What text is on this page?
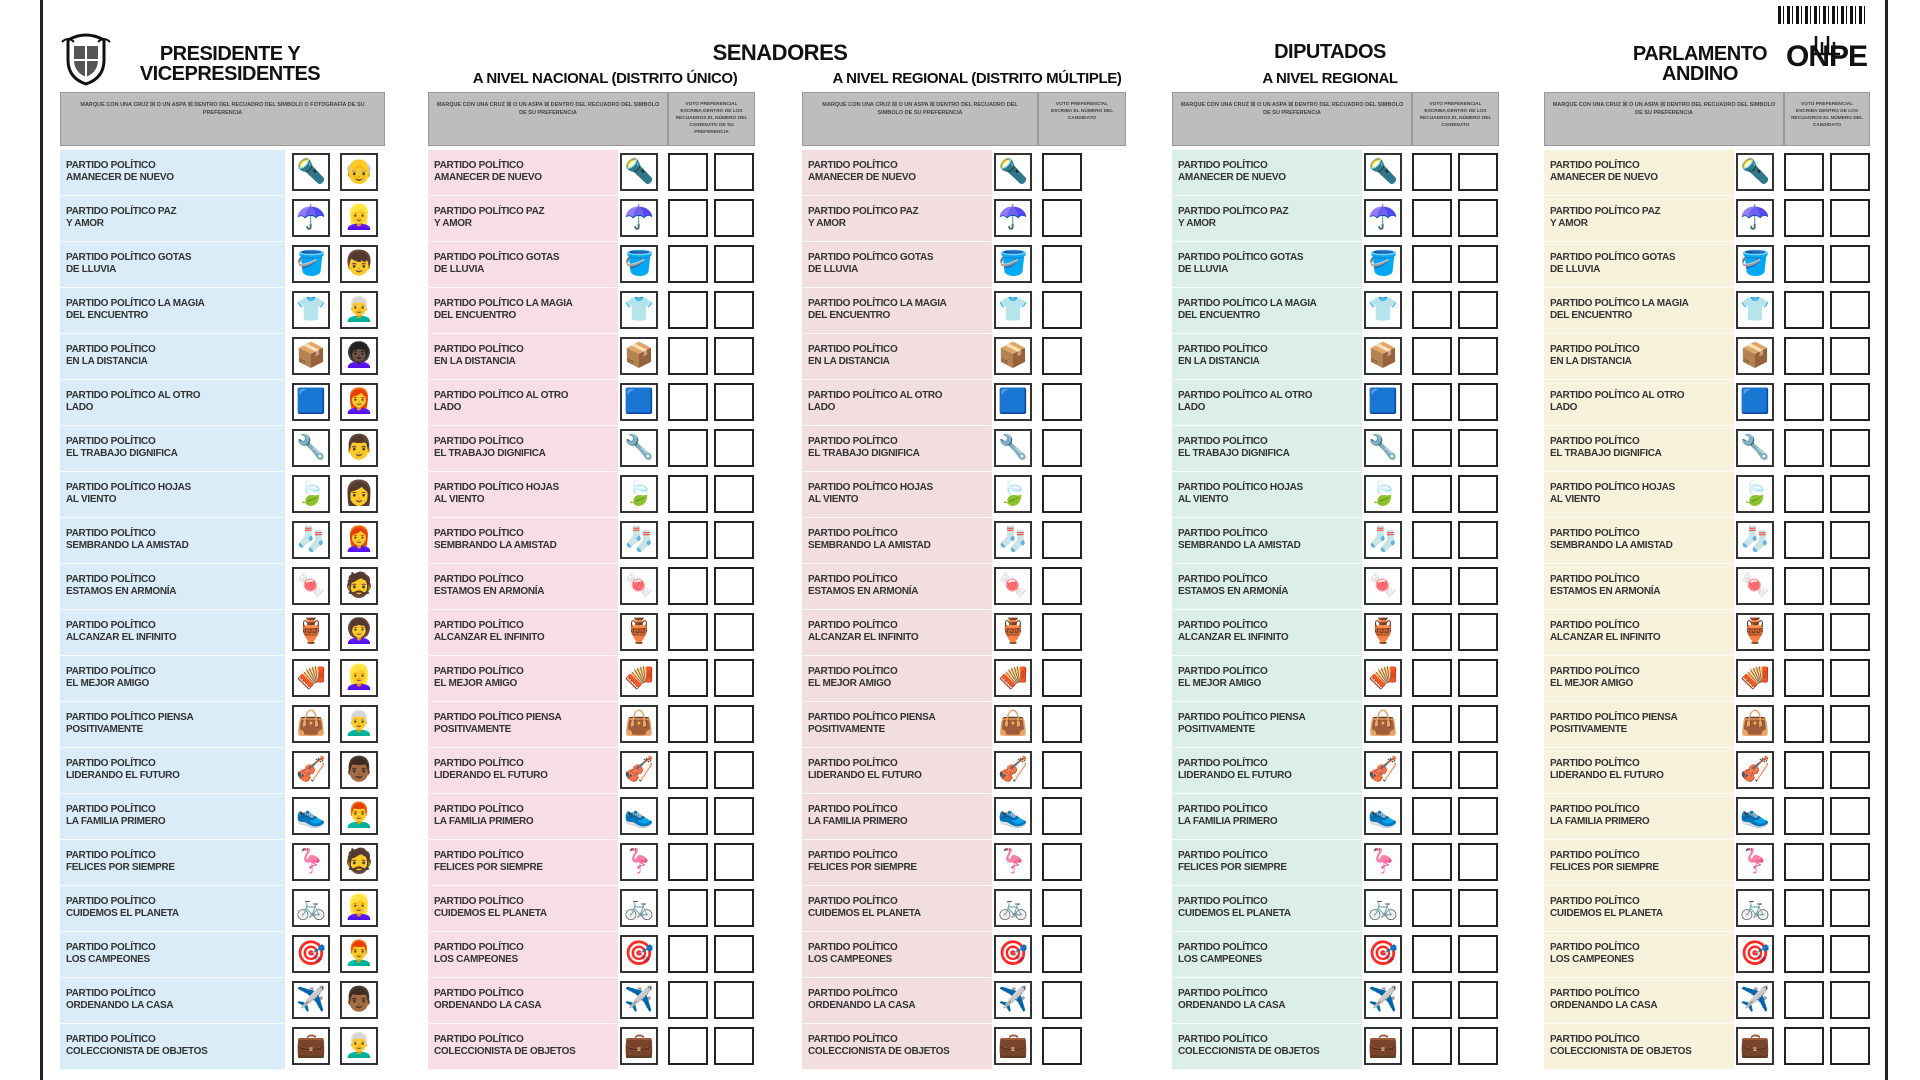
PRESIDENTE Y
VICEPRESIDENTES
SENADORES
A NIVEL NACIONAL (DISTRITO ÚNICO)	A NIVEL REGIONAL (DISTRITO MÚLTIPLE)
DIPUTADOS
A NIVEL REGIONAL
PARLAMENTO
ANDINO
ONPE
MARQUE CON UNA CRUZ ☒ O UN ASPA ☒ DENTRO DEL RECUADRO DEL SIMBOLO O FOTOGRAFÍA DE SU PREFERENCIA
MARQUE CON UNA CRUZ ☒ O UN ASPA ☒ DENTRO DEL RECUADRO DEL SIMBOLO DE SU PREFERENCIA
VOTO PREFERENCIAL ESCRIBA DENTRO DE LOS RECUADROS EL NÚMERO DEL CANDIDATO DE SU PREFERENCIA
MARQUE CON UNA CRUZ ☒ O UN ASPA ☒ DENTRO DEL RECUADRO DEL SIMBOLO DE SU PREFERENCIA
VOTO PREFERENCIAL ESCRIBA EL NÚMERO DEL CANDIDATO
MARQUE CON UNA CRUZ ☒ O UN ASPA ☒ DENTRO DEL RECUADRO DEL SIMBOLO DE SU PREFERENCIA
VOTO PREFERENCIAL ESCRIBA DENTRO DE LOS RECUADROS EL NÚMERO DEL CANDIDATO
MARQUE CON UNA CRUZ ☒ O UN ASPA ☒ DENTRO DEL RECUADRO DEL SIMBOLO DE SU PREFERENCIA
VOTO PREFERENCIAL ESCRIBA DENTRO DE LOS RECUADROS EL NÚMERO DEL CANDIDATO
PARTIDO POLÍTICO
AMANECER DE NUEVO	🔦 👴
PARTIDO POLÍTICO PAZ
Y AMOR	☂️ 👱‍♀️
PARTIDO POLÍTICO GOTAS
DE LLUVIA	🪣 👦
PARTIDO POLÍTICO LA MAGIA
DEL ENCUENTRO	👕 👨‍🦳
PARTIDO POLÍTICO
EN LA DISTANCIA	📦 👩🏿‍🦱
PARTIDO POLÍTICO AL OTRO
LADO	🟦 👩‍🦰
PARTIDO POLÍTICO
EL TRABAJO DIGNIFICA	🔧 👨
PARTIDO POLÍTICO HOJAS
AL VIENTO	🍃 👩
PARTIDO POLÍTICO
SEMBRANDO LA AMISTAD	🧦 👩‍🦰
PARTIDO POLÍTICO
ESTAMOS EN ARMONÍA	🍬 🧔
PARTIDO POLÍTICO
ALCANZAR EL INFINITO	🏺 👩‍🦱
PARTIDO POLÍTICO
EL MEJOR AMIGO	🪗 👱‍♀️
PARTIDO POLÍTICO PIENSA
POSITIVAMENTE	👜 👨‍🦳
PARTIDO POLÍTICO
LIDERANDO EL FUTURO	🎻 👨🏾
PARTIDO POLÍTICO
LA FAMILIA PRIMERO	👟 👨‍🦰
PARTIDO POLÍTICO
FELICES POR SIEMPRE	🦩 🧔
PARTIDO POLÍTICO
CUIDEMOS EL PLANETA	🚲 👱‍♀️
PARTIDO POLÍTICO
LOS CAMPEONES	🎯 👨‍🦰
PARTIDO POLÍTICO
ORDENANDO LA CASA	✈️ 👨🏾
PARTIDO POLÍTICO
COLECCIONISTA DE OBJETOS	💼 👨‍🦳
PARTIDO POLÍTICO
AMANECER DE NUEVO	🔦
PARTIDO POLÍTICO PAZ
Y AMOR	☂️
PARTIDO POLÍTICO GOTAS
DE LLUVIA	🪣
PARTIDO POLÍTICO LA MAGIA
DEL ENCUENTRO	👕
PARTIDO POLÍTICO
EN LA DISTANCIA	📦
PARTIDO POLÍTICO AL OTRO
LADO	🟦
PARTIDO POLÍTICO
EL TRABAJO DIGNIFICA	🔧
PARTIDO POLÍTICO HOJAS
AL VIENTO	🍃
PARTIDO POLÍTICO
SEMBRANDO LA AMISTAD	🧦
PARTIDO POLÍTICO
ESTAMOS EN ARMONÍA	🍬
PARTIDO POLÍTICO
ALCANZAR EL INFINITO	🏺
PARTIDO POLÍTICO
EL MEJOR AMIGO	🪗
PARTIDO POLÍTICO PIENSA
POSITIVAMENTE	👜
PARTIDO POLÍTICO
LIDERANDO EL FUTURO	🎻
PARTIDO POLÍTICO
LA FAMILIA PRIMERO	👟
PARTIDO POLÍTICO
FELICES POR SIEMPRE	🦩
PARTIDO POLÍTICO
CUIDEMOS EL PLANETA	🚲
PARTIDO POLÍTICO
LOS CAMPEONES	🎯
PARTIDO POLÍTICO
ORDENANDO LA CASA	✈️
PARTIDO POLÍTICO
COLECCIONISTA DE OBJETOS 💼
PARTIDO POLÍTICO
AMANECER DE NUEVO	🔦
PARTIDO POLÍTICO PAZ
Y AMOR	☂️
PARTIDO POLÍTICO GOTAS
DE LLUVIA	🪣
PARTIDO POLÍTICO LA MAGIA
DEL ENCUENTRO	👕
PARTIDO POLÍTICO
EN LA DISTANCIA	📦
PARTIDO POLÍTICO AL OTRO
LADO	🟦
PARTIDO POLÍTICO
EL TRABAJO DIGNIFICA	🔧
PARTIDO POLÍTICO HOJAS
AL VIENTO	🍃
PARTIDO POLÍTICO
SEMBRANDO LA AMISTAD	🧦
PARTIDO POLÍTICO
ESTAMOS EN ARMONÍA	🍬
PARTIDO POLÍTICO
ALCANZAR EL INFINITO	🏺
PARTIDO POLÍTICO
EL MEJOR AMIGO	🪗
PARTIDO POLÍTICO PIENSA
POSITIVAMENTE	👜
PARTIDO POLÍTICO
LIDERANDO EL FUTURO	🎻
PARTIDO POLÍTICO
LA FAMILIA PRIMERO	👟
PARTIDO POLÍTICO
FELICES POR SIEMPRE	🦩
PARTIDO POLÍTICO
CUIDEMOS EL PLANETA	🚲
PARTIDO POLÍTICO
LOS CAMPEONES	🎯
PARTIDO POLÍTICO
ORDENANDO LA CASA	✈️
PARTIDO POLÍTICO
COLECCIONISTA DE OBJETOS 💼
PARTIDO POLÍTICO
AMANECER DE NUEVO	🔦
PARTIDO POLÍTICO PAZ
Y AMOR	☂️
PARTIDO POLÍTICO GOTAS
DE LLUVIA	🪣
PARTIDO POLÍTICO LA MAGIA
DEL ENCUENTRO	👕
PARTIDO POLÍTICO
EN LA DISTANCIA	📦
PARTIDO POLÍTICO AL OTRO
LADO	🟦
PARTIDO POLÍTICO
EL TRABAJO DIGNIFICA	🔧
PARTIDO POLÍTICO HOJAS
AL VIENTO	🍃
PARTIDO POLÍTICO
SEMBRANDO LA AMISTAD	🧦
PARTIDO POLÍTICO
ESTAMOS EN ARMONÍA	🍬
PARTIDO POLÍTICO
ALCANZAR EL INFINITO	🏺
PARTIDO POLÍTICO
EL MEJOR AMIGO	🪗
PARTIDO POLÍTICO PIENSA
POSITIVAMENTE	👜
PARTIDO POLÍTICO
LIDERANDO EL FUTURO	🎻
PARTIDO POLÍTICO
LA FAMILIA PRIMERO	👟
PARTIDO POLÍTICO
FELICES POR SIEMPRE	🦩
PARTIDO POLÍTICO
CUIDEMOS EL PLANETA	🚲
PARTIDO POLÍTICO
LOS CAMPEONES	🎯
PARTIDO POLÍTICO
ORDENANDO LA CASA	✈️
PARTIDO POLÍTICO
COLECCIONISTA DE OBJETOS 💼
PARTIDO POLÍTICO
AMANECER DE NUEVO	🔦
PARTIDO POLÍTICO PAZ
Y AMOR	☂️
PARTIDO POLÍTICO GOTAS
DE LLUVIA	🪣
PARTIDO POLÍTICO LA MAGIA
DEL ENCUENTRO	👕
PARTIDO POLÍTICO
EN LA DISTANCIA	📦
PARTIDO POLÍTICO AL OTRO
LADO	🟦
PARTIDO POLÍTICO
EL TRABAJO DIGNIFICA	🔧
PARTIDO POLÍTICO HOJAS
AL VIENTO	🍃
PARTIDO POLÍTICO
SEMBRANDO LA AMISTAD	🧦
PARTIDO POLÍTICO
ESTAMOS EN ARMONÍA	🍬
PARTIDO POLÍTICO
ALCANZAR EL INFINITO	🏺
PARTIDO POLÍTICO
EL MEJOR AMIGO	🪗
PARTIDO POLÍTICO PIENSA
POSITIVAMENTE	👜
PARTIDO POLÍTICO
LIDERANDO EL FUTURO	🎻
PARTIDO POLÍTICO
LA FAMILIA PRIMERO	👟
PARTIDO POLÍTICO
FELICES POR SIEMPRE	🦩
PARTIDO POLÍTICO
CUIDEMOS EL PLANETA	🚲
PARTIDO POLÍTICO
LOS CAMPEONES	🎯
PARTIDO POLÍTICO
ORDENANDO LA CASA	✈️
PARTIDO POLÍTICO
COLECCIONISTA DE OBJETOS 💼
